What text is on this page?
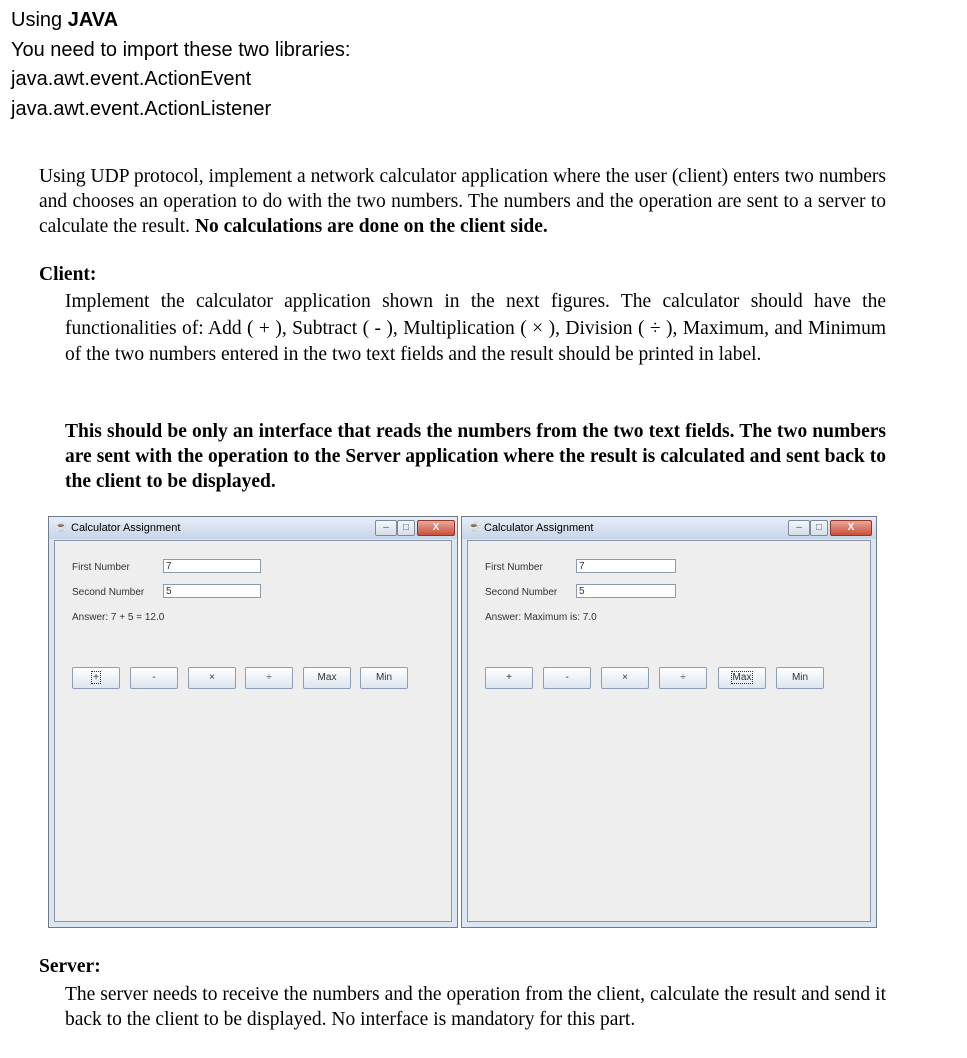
Using JAVA
You need to import these two libraries:
java.awt.event.ActionEvent
java.awt.event.ActionListener
Using UDP protocol, implement a network calculator application where the user (client) enters two numbers and chooses an operation to do with the two numbers. The numbers and the operation are sent to a server to calculate the result. No calculations are done on the client side.
Client:
Implement the calculator application shown in the next figures. The calculator should have the functionalities of: Add ( + ), Subtract ( - ), Multiplication ( × ), Division ( ÷ ), Maximum, and Minimum of the two numbers entered in the two text fields and the result should be printed in label.
This should be only an interface that reads the numbers from the two text fields. The two numbers are sent with the operation to the Server application where the result is calculated and sent back to the client to be displayed.
☕ Calculator Assignment	–	□	X
First Number	7
Second Number	5
Answer: 7 + 5 = 12.0
+	-	×	÷	Max	Min
☕ Calculator Assignment	–	□	X
First Number	7
Second Number	5
Answer: Maximum is: 7.0
+	-	×	÷	Max	Min
Server:
The server needs to receive the numbers and the operation from the client, calculate the result and send it back to the client to be displayed. No interface is mandatory for this part.
